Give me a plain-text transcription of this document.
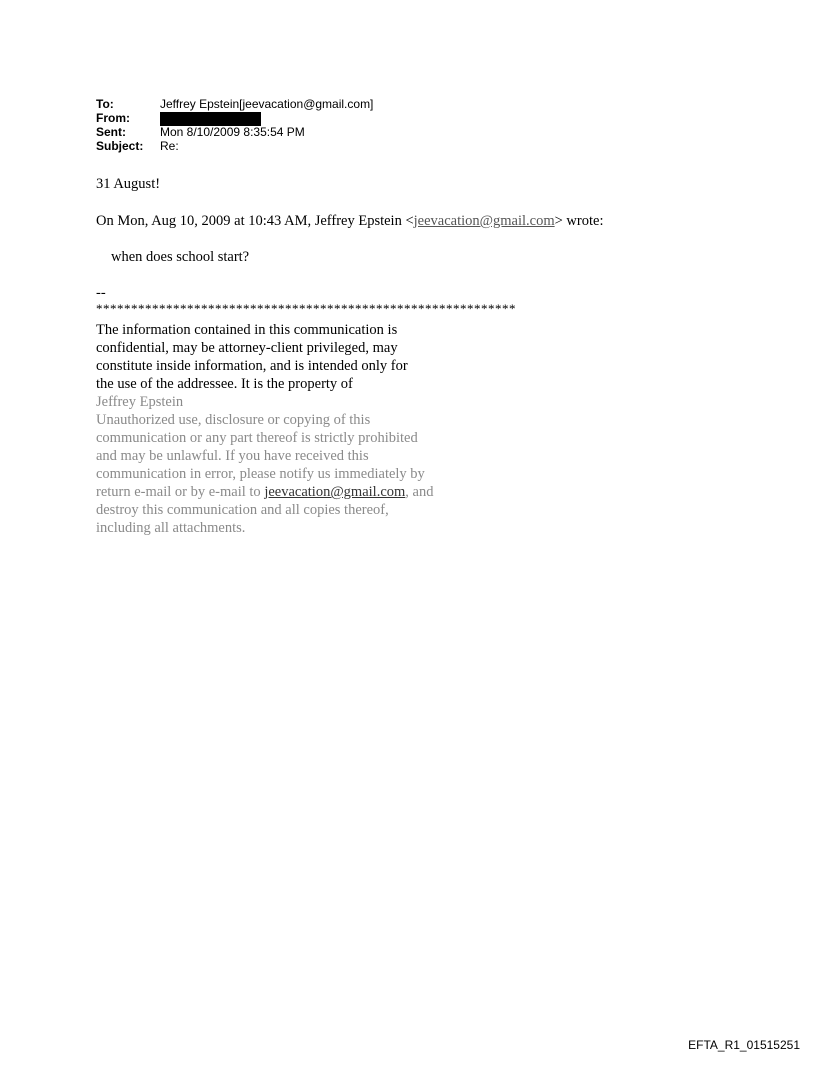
To:	Jeffrey Epstein[jeevacation@gmail.com]
From:
Sent:	Mon 8/10/2009 8:35:54 PM
Subject:	Re:
31 August!
On Mon, Aug 10, 2009 at 10:43 AM, Jeffrey Epstein <jeevacation@gmail.com> wrote:
when does school start?
--
************************************************************
The information contained in this communication is
confidential, may be attorney-client privileged, may
constitute inside information, and is intended only for
the use of the addressee. It is the property of
Jeffrey Epstein
Unauthorized use, disclosure or copying of this
communication or any part thereof is strictly prohibited
and may be unlawful. If you have received this
communication in error, please notify us immediately by
return e-mail or by e-mail to jeevacation@gmail.com, and
destroy this communication and all copies thereof,
including all attachments.
EFTA_R1_01515251
